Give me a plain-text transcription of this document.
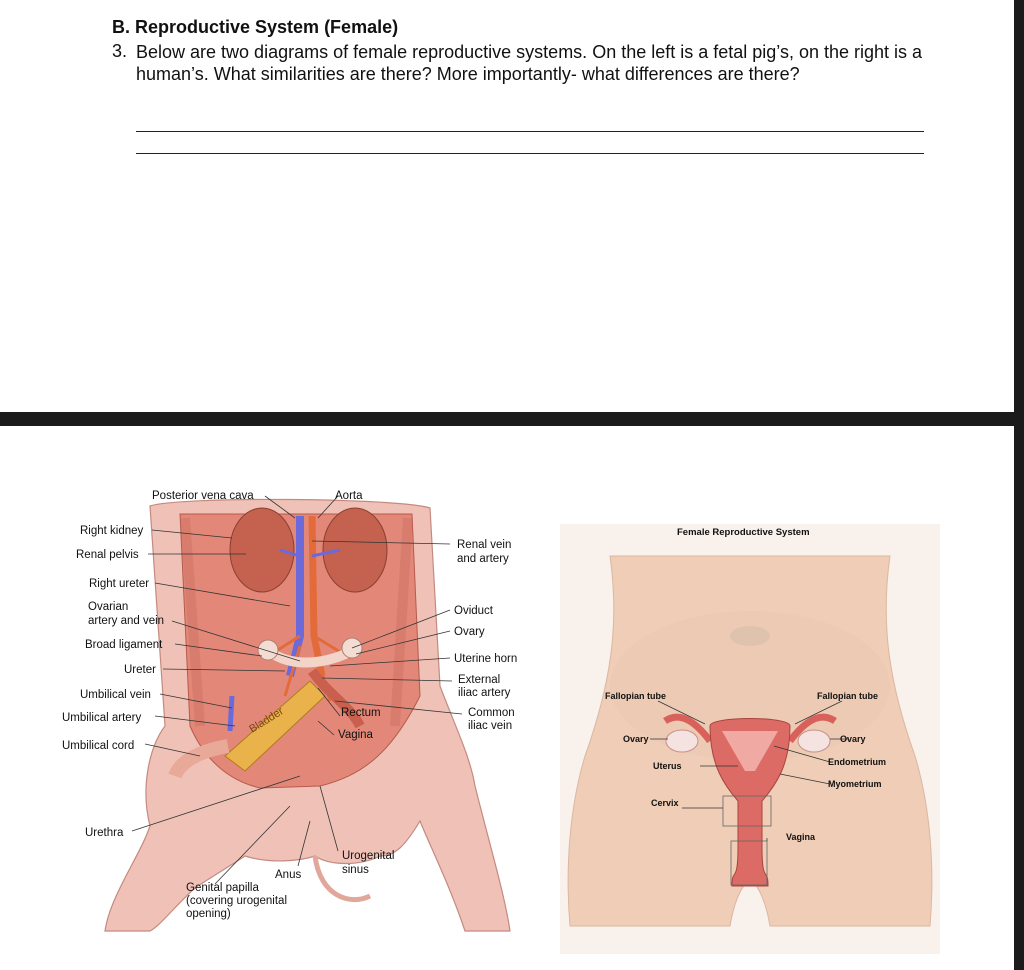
B. Reproductive System (Female)
3. Below are two diagrams of female reproductive systems. On the left is a fetal pig’s, on the right is a human’s. What similarities are there? More importantly- what differences are there?
Posterior vena cava	Aorta
Right kidney
Renal pelvis
Right ureter
Ovarian
artery and vein
Broad ligament
Ureter
Umbilical vein
Umbilical artery
Umbilical cord
Urethra
Renal vein
and artery
Oviduct
Ovary
Uterine horn
External
iliac artery
Common
iliac vein
Rectum
Vagina
Bladder
Urogenital
sinus
Anus
Genital papilla
(covering urogenital
opening)
Female Reproductive System
Fallopian tube	Fallopian tube
Ovary	Ovary
Uterus	Endometrium
Myometrium
Cervix
Vagina
